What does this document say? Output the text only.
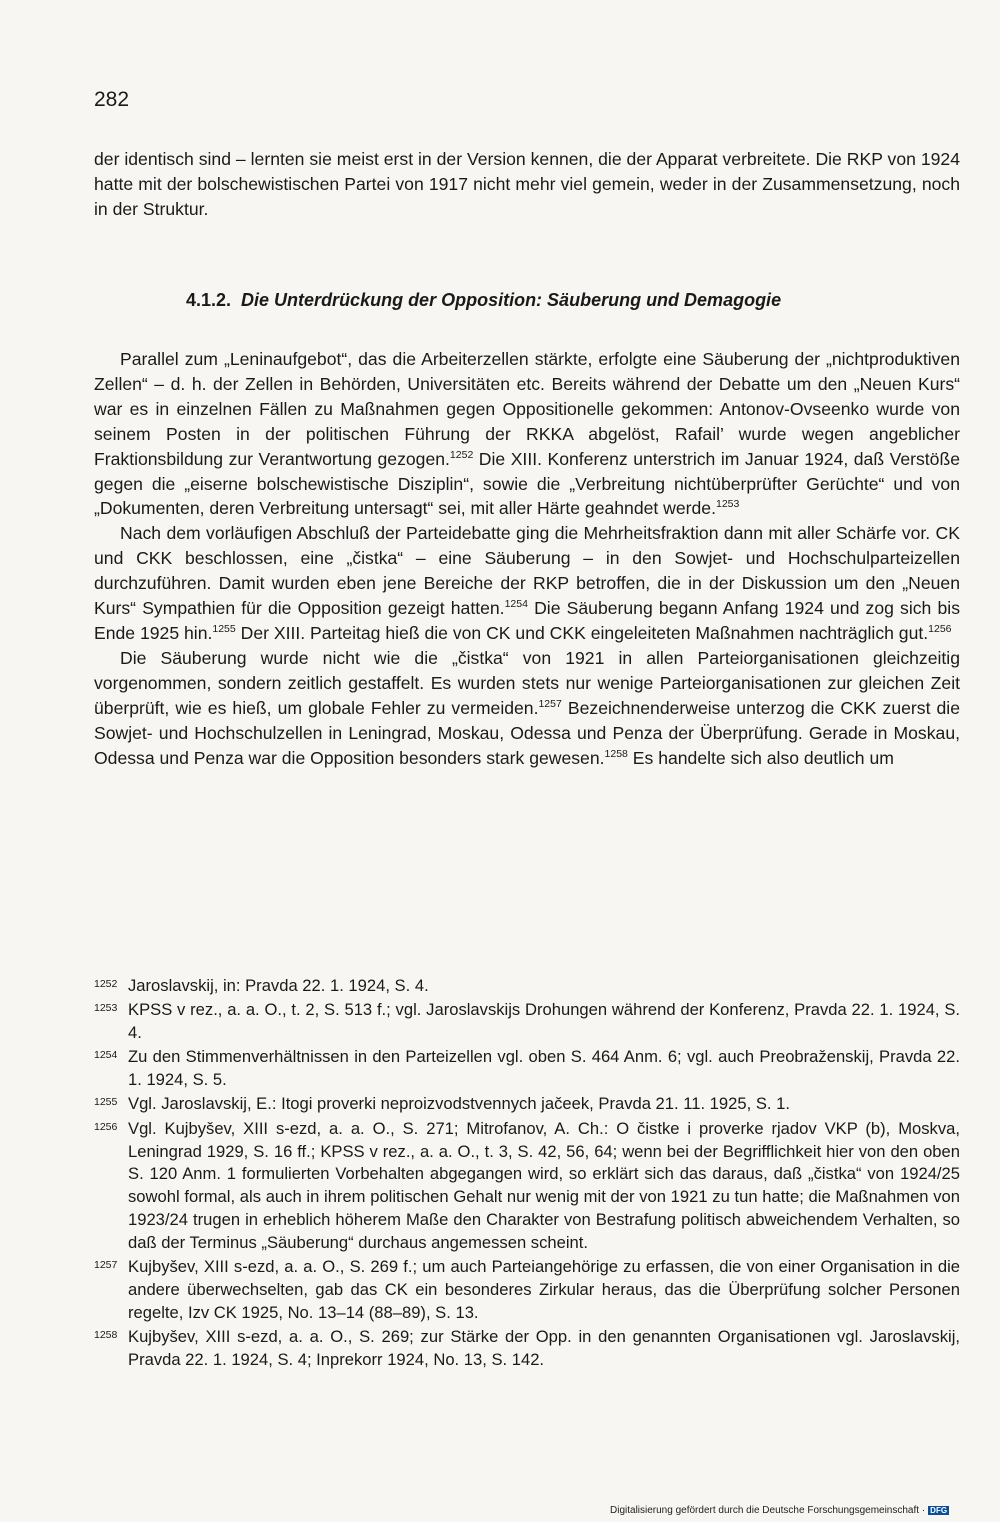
282

der identisch sind – lernten sie meist erst in der Version kennen, die der Apparat verbreitete. Die RKP von 1924 hatte mit der bolschewistischen Partei von 1917 nicht mehr viel gemein, weder in der Zusammensetzung, noch in der Struktur.

4.1.2. Die Unterdrückung der Opposition: Säuberung und Demagogie

Parallel zum „Leninaufgebot“, das die Arbeiterzellen stärkte, erfolgte eine Säuberung der „nichtproduktiven Zellen“ – d. h. der Zellen in Behörden, Universitäten etc. Bereits während der Debatte um den „Neuen Kurs“ war es in einzelnen Fällen zu Maßnahmen gegen Oppositionelle gekommen: Antonov-Ovseenko wurde von seinem Posten in der politischen Führung der RKKA abgelöst, Rafail’ wurde wegen angeblicher Fraktionsbildung zur Verantwortung gezogen.$^{1252}$ Die XIII. Konferenz unterstrich im Januar 1924, daß Verstöße gegen die „eiserne bolschewistische Disziplin“, sowie die „Verbreitung nichtüberprüfter Gerüchte“ und von „Dokumenten, deren Verbreitung untersagt“ sei, mit aller Härte geahndet werde.$^{1253}$

Nach dem vorläufigen Abschluß der Parteidebatte ging die Mehrheitsfraktion dann mit aller Schärfe vor. CK und CKK beschlossen, eine „čistka“ – eine Säuberung – in den Sowjet- und Hochschulparteizellen durchzuführen. Damit wurden eben jene Bereiche der RKP betroffen, die in der Diskussion um den „Neuen Kurs“ Sympathien für die Opposition gezeigt hatten.$^{1254}$ Die Säuberung begann Anfang 1924 und zog sich bis Ende 1925 hin.$^{1255}$ Der XIII. Parteitag hieß die von CK und CKK eingeleiteten Maßnahmen nachträglich gut.$^{1256}$

Die Säuberung wurde nicht wie die „čistka“ von 1921 in allen Parteiorganisationen gleichzeitig vorgenommen, sondern zeitlich gestaffelt. Es wurden stets nur wenige Parteiorganisationen zur gleichen Zeit überprüft, wie es hieß, um globale Fehler zu vermeiden.$^{1257}$ Bezeichnenderweise unterzog die CKK zuerst die Sowjet- und Hochschulzellen in Leningrad, Moskau, Odessa und Penza der Überprüfung. Gerade in Moskau, Odessa und Penza war die Opposition besonders stark gewesen.$^{1258}$ Es handelte sich also deutlich um

1252 Jaroslavskij, in: Pravda 22. 1. 1924, S. 4.
1253 KPSS v rez., a. a. O., t. 2, S. 513 f.; vgl. Jaroslavskijs Drohungen während der Konferenz, Pravda 22. 1. 1924, S. 4.
1254 Zu den Stimmenverhältnissen in den Parteizellen vgl. oben S. 464 Anm. 6; vgl. auch Preobraženskij, Pravda 22. 1. 1924, S. 5.
1255 Vgl. Jaroslavskij, E.: Itogi proverki neproizvodstvennych jačeek, Pravda 21. 11. 1925, S. 1.
1256 Vgl. Kujbyšev, XIII s-ezd, a. a. O., S. 271; Mitrofanov, A. Ch.: O čistke i proverke rjadov VKP (b), Moskva, Leningrad 1929, S. 16 ff.; KPSS v rez., a. a. O., t. 3, S. 42, 56, 64; wenn bei der Begrifflichkeit hier von den oben S. 120 Anm. 1 formulierten Vorbehalten abgegangen wird, so erklärt sich das daraus, daß „čistka“ von 1924/25 sowohl formal, als auch in ihrem politischen Gehalt nur wenig mit der von 1921 zu tun hatte; die Maßnahmen von 1923/24 trugen in erheblich höherem Maße den Charakter von Bestrafung politisch abweichendem Verhalten, so daß der Terminus „Säuberung“ durchaus angemessen scheint.
1257 Kujbyšev, XIII s-ezd, a. a. O., S. 269 f.; um auch Parteiangehörige zu erfassen, die von einer Organisation in die andere überwechselten, gab das CK ein besonderes Zirkular heraus, das die Überprüfung solcher Personen regelte, Izv CK 1925, No. 13–14 (88–89), S. 13.
1258 Kujbyšev, XIII s-ezd, a. a. O., S. 269; zur Stärke der Opp. in den genannten Organisationen vgl. Jaroslavskij, Pravda 22. 1. 1924, S. 4; Inprekorr 1924, No. 13, S. 142.
Digitalisierung gefördert durch die Deutsche Forschungsgemeinschaft · DFG
